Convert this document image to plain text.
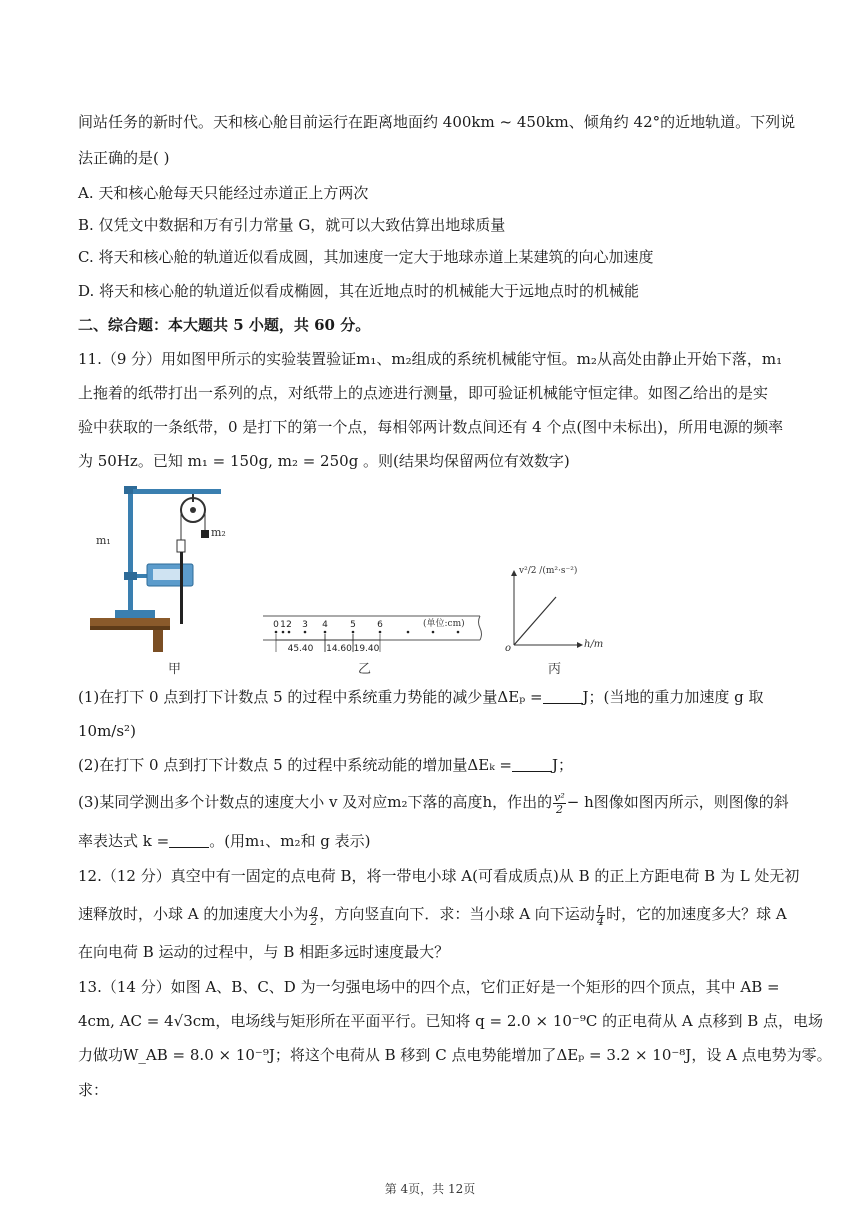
间站任务的新时代。天和核心舱目前运行在距离地面约 400km ~ 450km、倾角约 42°的近地轨道。下列说
法正确的是( )
A. 天和核心舱每天只能经过赤道正上方两次
B. 仅凭文中数据和万有引力常量 G，就可以大致估算出地球质量
C. 将天和核心舱的轨道近似看成圆，其加速度一定大于地球赤道上某建筑的向心加速度
D. 将天和核心舱的轨道近似看成椭圆，其在近地点时的机械能大于远地点时的机械能
二、综合题：本大题共 5 小题，共 60 分。
11.（9 分）用如图甲所示的实验装置验证m₁、m₂组成的系统机械能守恒。m₂从高处由静止开始下落，m₁
上拖着的纸带打出一系列的点，对纸带上的点迹进行测量，即可验证机械能守恒定律。如图乙给出的是实
验中获取的一条纸带，0 是打下的第一个点，每相邻两计数点间还有 4 个点(图中未标出)，所用电源的频率
为 50Hz。已知 m₁ = 150g, m₂ = 250g 。则(结果均保留两位有效数字)
m₁
m₂
甲
0 1 2 3 4 5 6
45.40 14.60 19.40
(单位:cm)
乙
v²/2 /(m²·s⁻²)
h/m
o
丙
(1)在打下 0 点到打下计数点 5 的过程中系统重力势能的减少量ΔEₚ =	J；(当地的重力加速度 g 取
10m/s²)
(2)在打下 0 点到打下计数点 5 的过程中系统动能的增加量ΔEₖ =	J；
(3)某同学测出多个计数点的速度大小 v 及对应m₂下落的高度h，作出的 $\frac{\text{v²}}{2} - h$图像如图丙所示，则图像的斜
率表达式 k =	。(用m₁、m₂和 g 表示)
12.（12 分）真空中有一固定的点电荷 B，将一带电小球 A(可看成质点)从 B 的正上方距电荷 B 为 L 处无初
速释放时，小球 A 的加速度大小为 $\frac{g}{2}$ ，方向竖直向下．求：当小球 A 向下运动 $\frac{L}{4}$ 时，它的加速度多大？球 A
在向电荷 B 运动的过程中，与 B 相距多远时速度最大？
13.（14 分）如图 A、B、C、D 为一匀强电场中的四个点，它们正好是一个矩形的四个顶点，其中 AB =
4cm, AC = 4√3cm，电场线与矩形所在平面平行。已知将 q = 2.0 × 10⁻⁹C 的正电荷从 A 点移到 B 点，电场
力做功W_AB = 8.0 × 10⁻⁹J；将这个电荷从 B 移到 C 点电势能增加了ΔEₚ = 3.2 × 10⁻⁸J，设 A 点电势为零。
求：
第 4页，共 12页
